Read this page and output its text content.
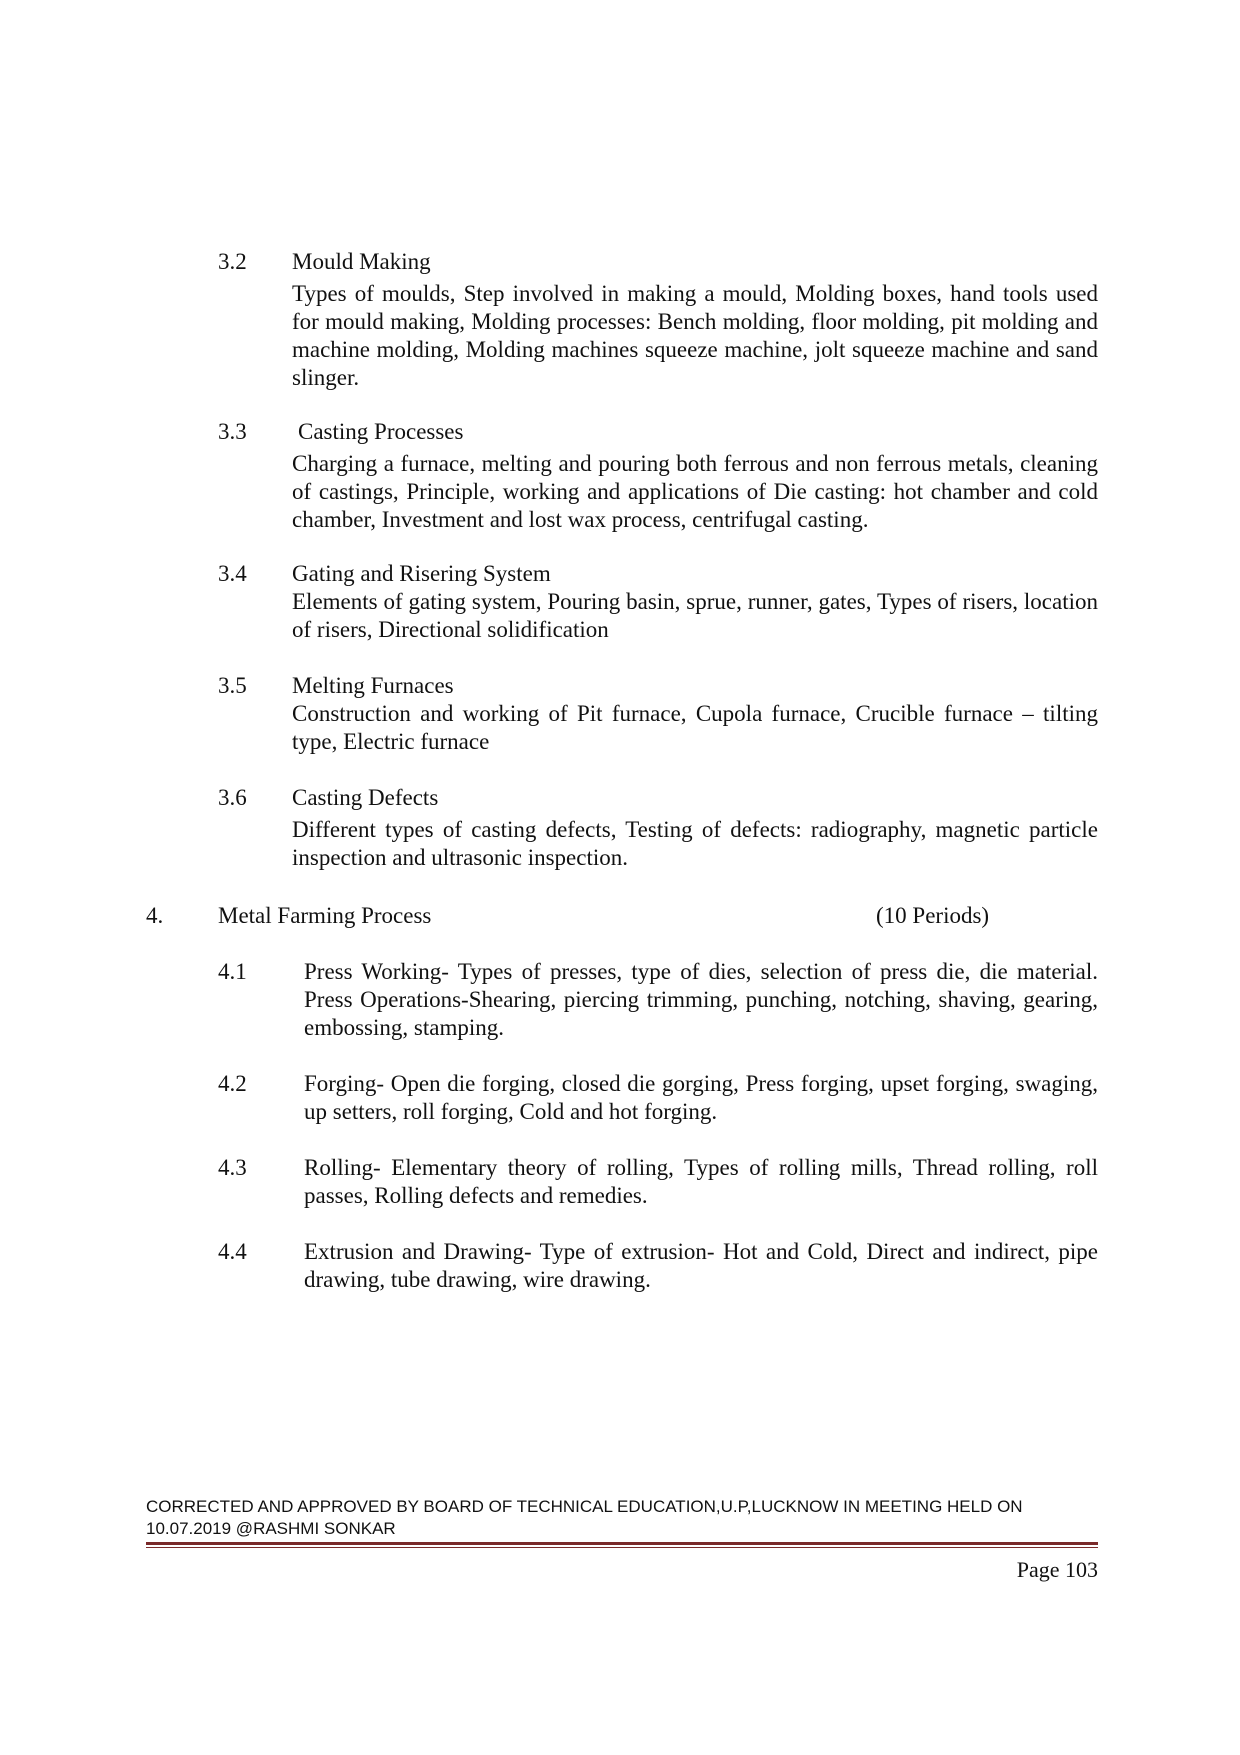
3.2 Mould Making

Types of moulds, Step involved in making a mould, Molding boxes, hand tools used for mould making, Molding processes: Bench molding, floor molding, pit molding and machine molding, Molding machines squeeze machine, jolt squeeze machine and sand slinger.

3.3 Casting Processes

Charging a furnace, melting and pouring both ferrous and non ferrous metals, cleaning of castings, Principle, working and applications of Die casting: hot chamber and cold chamber, Investment and lost wax process, centrifugal casting.

3.4 Gating and Risering System

Elements of gating system, Pouring basin, sprue, runner, gates, Types of risers, location of risers, Directional solidification

3.5 Melting Furnaces

Construction and working of Pit furnace, Cupola furnace, Crucible furnace – tilting type, Electric furnace

3.6 Casting Defects

Different types of casting defects, Testing of defects: radiography, magnetic particle inspection and ultrasonic inspection.

4. Metal Farming Process	(10 Periods)
4.1 Press Working- Types of presses, type of dies, selection of press die, die material. Press Operations-Shearing, piercing trimming, punching, notching, shaving, gearing, embossing, stamping.

4.2 Forging- Open die forging, closed die gorging, Press forging, upset forging, swaging, up setters, roll forging, Cold and hot forging.

4.3 Rolling- Elementary theory of rolling, Types of rolling mills, Thread rolling, roll passes, Rolling defects and remedies.

4.4 Extrusion and Drawing- Type of extrusion- Hot and Cold, Direct and indirect, pipe drawing, tube drawing, wire drawing.

CORRECTED AND APPROVED BY BOARD OF TECHNICAL EDUCATION,U.P,LUCKNOW IN MEETING HELD ON 10.07.2019 @RASHMI SONKAR
Page 103
